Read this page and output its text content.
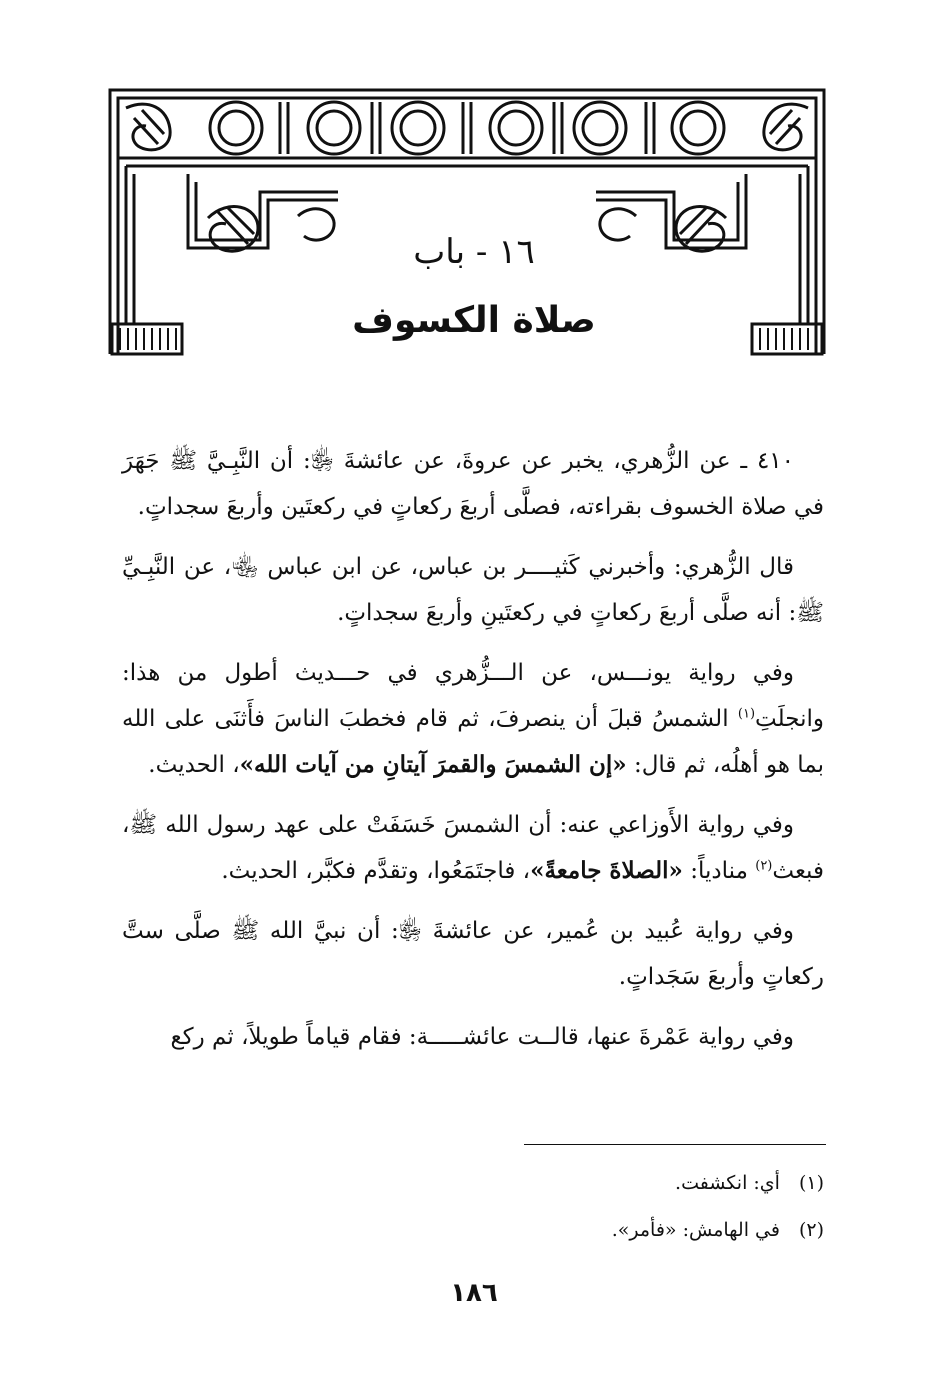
١٦ - باب
صلاة الكسوف

٤١٠ ـ عن الزُّهري، يخبر عن عروةَ، عن عائشةَ ﵂: أن النَّبِـيَّ ﷺ جَهَرَ في صلاة الخسوف بقراءته، فصلَّى أربعَ ركعاتٍ في ركعتَين وأربعَ سجداتٍ.

قال الزُّهري: وأخبرني كَثيــــر بن عباس، عن ابن عباس ﵄، عن النَّبِـيِّ ﷺ: أنه صلَّى أربعَ ركعاتٍ في ركعتَينِ وأربعَ سجداتٍ.

وفي رواية يونـــس، عن الـــزُّهري في حـــديث أطول من هذا: وانجلَتِ$^{(١)}$ الشمسُ قبلَ أن ينصرفَ، ثم قام فخطبَ الناسَ فأَثنَى على الله بما هو أهلُه، ثم قال: «إن الشمسَ والقمرَ آيتانِ من آيات الله»، الحديث.

وفي رواية الأَوزاعي عنه: أن الشمسَ خَسَفَتْ على عهد رسول الله ﷺ، فبعث$^{(٢)}$ منادياً: «الصلاةَ جامعةً»، فاجتَمَعُوا، وتقدَّم فكبَّر، الحديث.

وفي رواية عُبيد بن عُمير، عن عائشةَ ﵂: أن نبيَّ الله ﷺ صلَّى ستَّ ركعاتٍ وأربعَ سَجَداتٍ.

وفي رواية عَمْرةَ عنها، قالــت عائشـــــة: فقام قياماً طويلاً، ثم ركع

(١) أي: انكشفت.

(٢) في الهامش: «فأمر».

١٨٦
